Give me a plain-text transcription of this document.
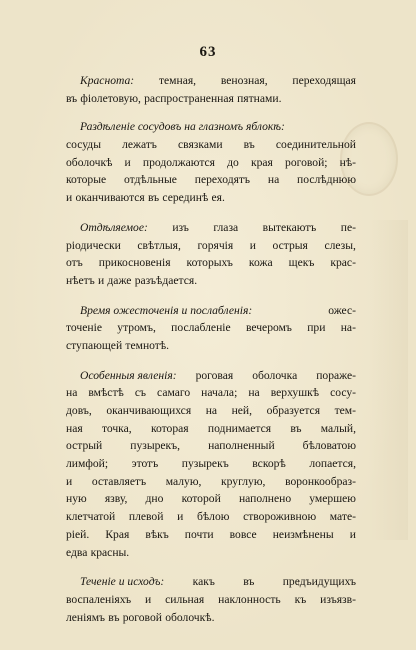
63
Краснота: темная, венозная, переходящая
въ фiолетовую, распространенная пятнами.
Раздѣленiе сосудовъ на глазномъ яблокѣ:
сосуды лежатъ связками въ соединительной
оболочкѣ и продолжаются до края роговой; нѣ-
которые отдѣльные переходятъ на послѣднюю
и оканчиваются въ серединѣ ея.
Отдѣляемое: изъ глаза вытекаютъ пе-
рiодически свѣтлыя, горячiя и острыя слезы,
отъ прикосновенiя которыхъ кожа щекъ крас-
нѣетъ и даже разъѣдается.
Время ожесточенiя и послабленiя:	ожес-
точенiе утромъ, послабленiе вечеромъ при на-
ступающей темнотѣ.
Особенныя явленiя: роговая оболочка пораже-
на вмѣстѣ съ самаго начала; на верхушкѣ сосу-
довъ, оканчивающихся на ней, образуется тем-
ная точка, которая поднимается въ малый,
острый пузырекъ, наполненный бѣловатою
лимфой; этотъ пузырекъ вскорѣ лопается,
и оставляетъ малую, круглую, воронкообраз-
ную язву, дно которой наполнено умершею
клетчатой плевой и бѣлою створоживною мате-
рiей. Края вѣкъ почти вовсе неизмѣнены и
едва красны.
Теченiе и исходъ: какъ въ предъидущихъ
воспаленiяхъ и сильная наклонность къ изъязв-
ленiямъ въ роговой оболочкѣ.
